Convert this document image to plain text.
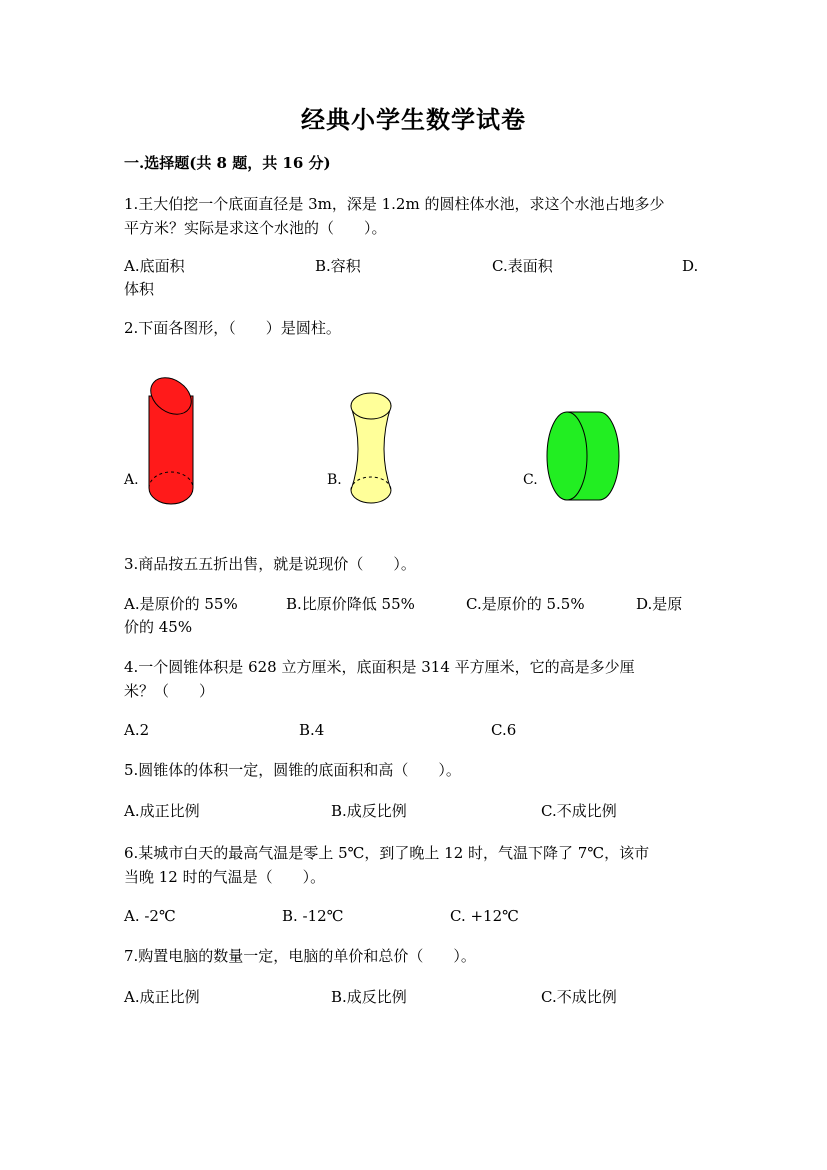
经典小学生数学试卷
一.选择题(共 8 题，共 16 分)
1.王大伯挖一个底面直径是 3m，深是 1.2m 的圆柱体水池，求这个水池占地多少
平方米？实际是求这个水池的（　　）。
A.底面积	B.容积	C.表面积	D.
体积
2.下面各图形，（　　）是圆柱。
A.	B.	C.
3.商品按五五折出售，就是说现价（　　）。
A.是原价的 55%	B.比原价降低 55%	C.是原价的 5.5%	D.是原
价的 45%
4.一个圆锥体积是 628 立方厘米，底面积是 314 平方厘米，它的高是多少厘
米？（　　）
A.2	B.4	C.6
5.圆锥体的体积一定，圆锥的底面积和高（　　）。
A.成正比例	B.成反比例	C.不成比例
6.某城市白天的最高气温是零上 5℃，到了晚上 12 时，气温下降了 7℃，该市
当晚 12 时的气温是（　　）。
A. -2℃	B. -12℃	C. +12℃
7.购置电脑的数量一定，电脑的单价和总价（　　）。
A.成正比例	B.成反比例	C.不成比例
